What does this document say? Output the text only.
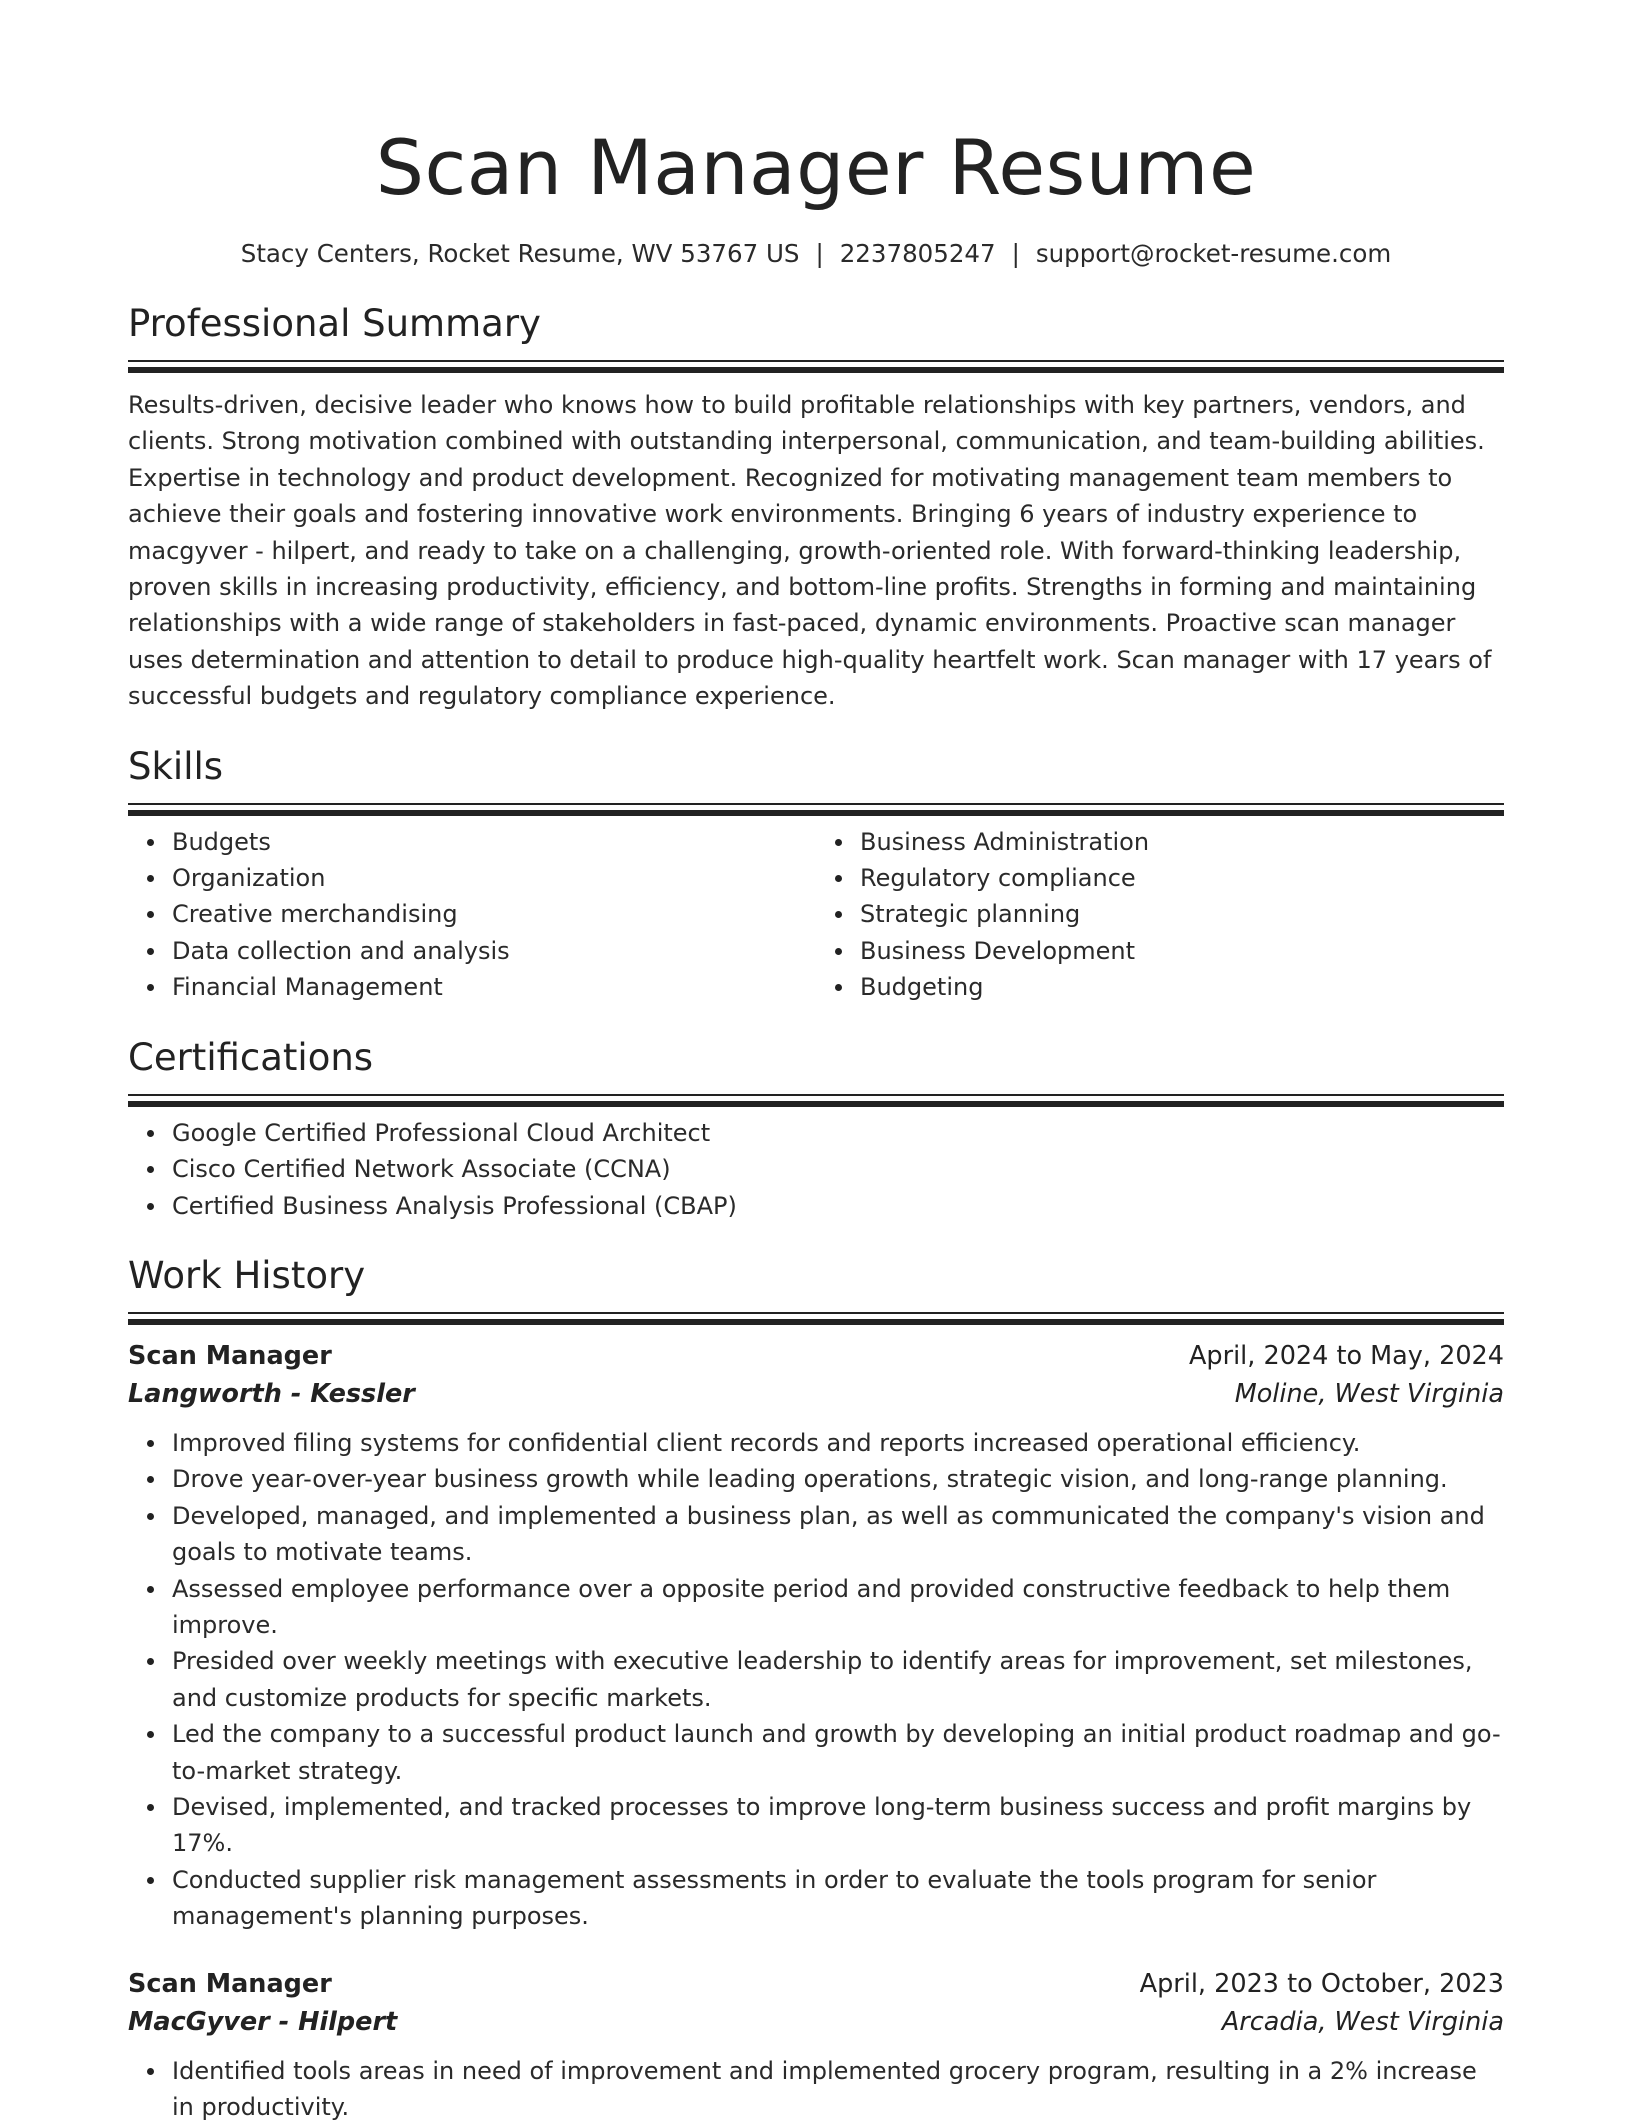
Scan Manager Resume
Stacy Centers, Rocket Resume, WV 53767 US | 2237805247 | support@rocket-resume.com
Professional Summary

Results-driven, decisive leader who knows how to build profitable relationships with key partners, vendors, and clients. Strong motivation combined with outstanding interpersonal, communication, and team-building abilities. Expertise in technology and product development. Recognized for motivating management team members to achieve their goals and fostering innovative work environments. Bringing 6 years of industry experience to macgyver - hilpert, and ready to take on a challenging, growth-oriented role. With forward-thinking leadership, proven skills in increasing productivity, efficiency, and bottom-line profits. Strengths in forming and maintaining relationships with a wide range of stakeholders in fast-paced, dynamic environments. Proactive scan manager uses determination and attention to detail to produce high-quality heartfelt work. Scan manager with 17 years of successful budgets and regulatory compliance experience.

Skills
Budgets
Organization
Creative merchandising
Data collection and analysis
Financial Management
Business Administration
Regulatory compliance
Strategic planning
Business Development
Budgeting
Certifications
Google Certified Professional Cloud Architect
Cisco Certified Network Associate (CCNA)
Certified Business Analysis Professional (CBAP)
Work History
Scan Manager	April, 2024 to May, 2024
Langworth - Kessler	Moline, West Virginia
Improved filing systems for confidential client records and reports increased operational efficiency.
Drove year-over-year business growth while leading operations, strategic vision, and long-range planning.
Developed, managed, and implemented a business plan, as well as communicated the company's vision and goals to motivate teams.
Assessed employee performance over a opposite period and provided constructive feedback to help them improve.
Presided over weekly meetings with executive leadership to identify areas for improvement, set milestones, and customize products for specific markets.
Led the company to a successful product launch and growth by developing an initial product roadmap and go-to-market strategy.
Devised, implemented, and tracked processes to improve long-term business success and profit margins by 17%.
Conducted supplier risk management assessments in order to evaluate the tools program for senior management's planning purposes.
Scan Manager	April, 2023 to October, 2023
MacGyver - Hilpert	Arcadia, West Virginia
Identified tools areas in need of improvement and implemented grocery program, resulting in a 2% increase in productivity.
